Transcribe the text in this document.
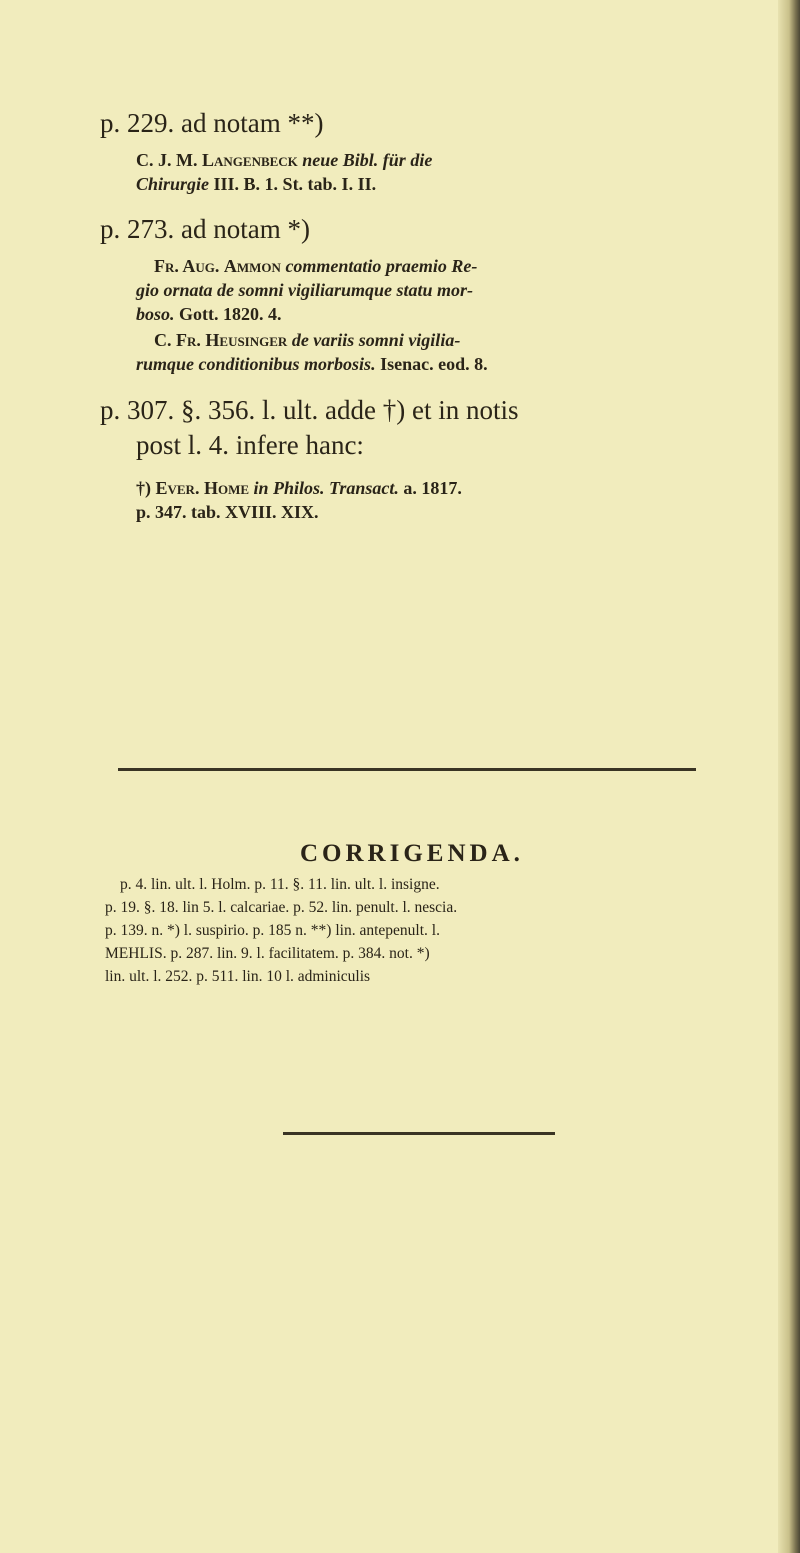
p. 229. ad notam **)
C. J. M. Langenbeck neue Bibl. für die
Chirurgie III. B. 1. St. tab. I. II.
p. 273. ad notam *)
Fr. Aug. Ammon commentatio praemio Re-
gio ornata de somni vigiliarumque statu mor-
boso. Gott. 1820. 4.
C. Fr. Heusinger de variis somni vigilia-
rumque conditionibus morbosis. Isenac. eod. 8.
p. 307. §. 356. l. ult. adde †) et in notis
post l. 4. infere hanc:
†) Ever. Home in Philos. Transact. a. 1817.
p. 347. tab. XVIII. XIX.
CORRIGENDA.
p. 4. lin. ult. l. Holm. p. 11. §. 11. lin. ult. l. insigne.
p. 19. §. 18. lin 5. l. calcariae. p. 52. lin. penult. l. nescia.
p. 139. n. *) l. suspirio. p. 185 n. **) lin. antepenult. l.
MEHLIS. p. 287. lin. 9. l. facilitatem. p. 384. not. *)
lin. ult. l. 252. p. 511. lin. 10 l. adminiculis
